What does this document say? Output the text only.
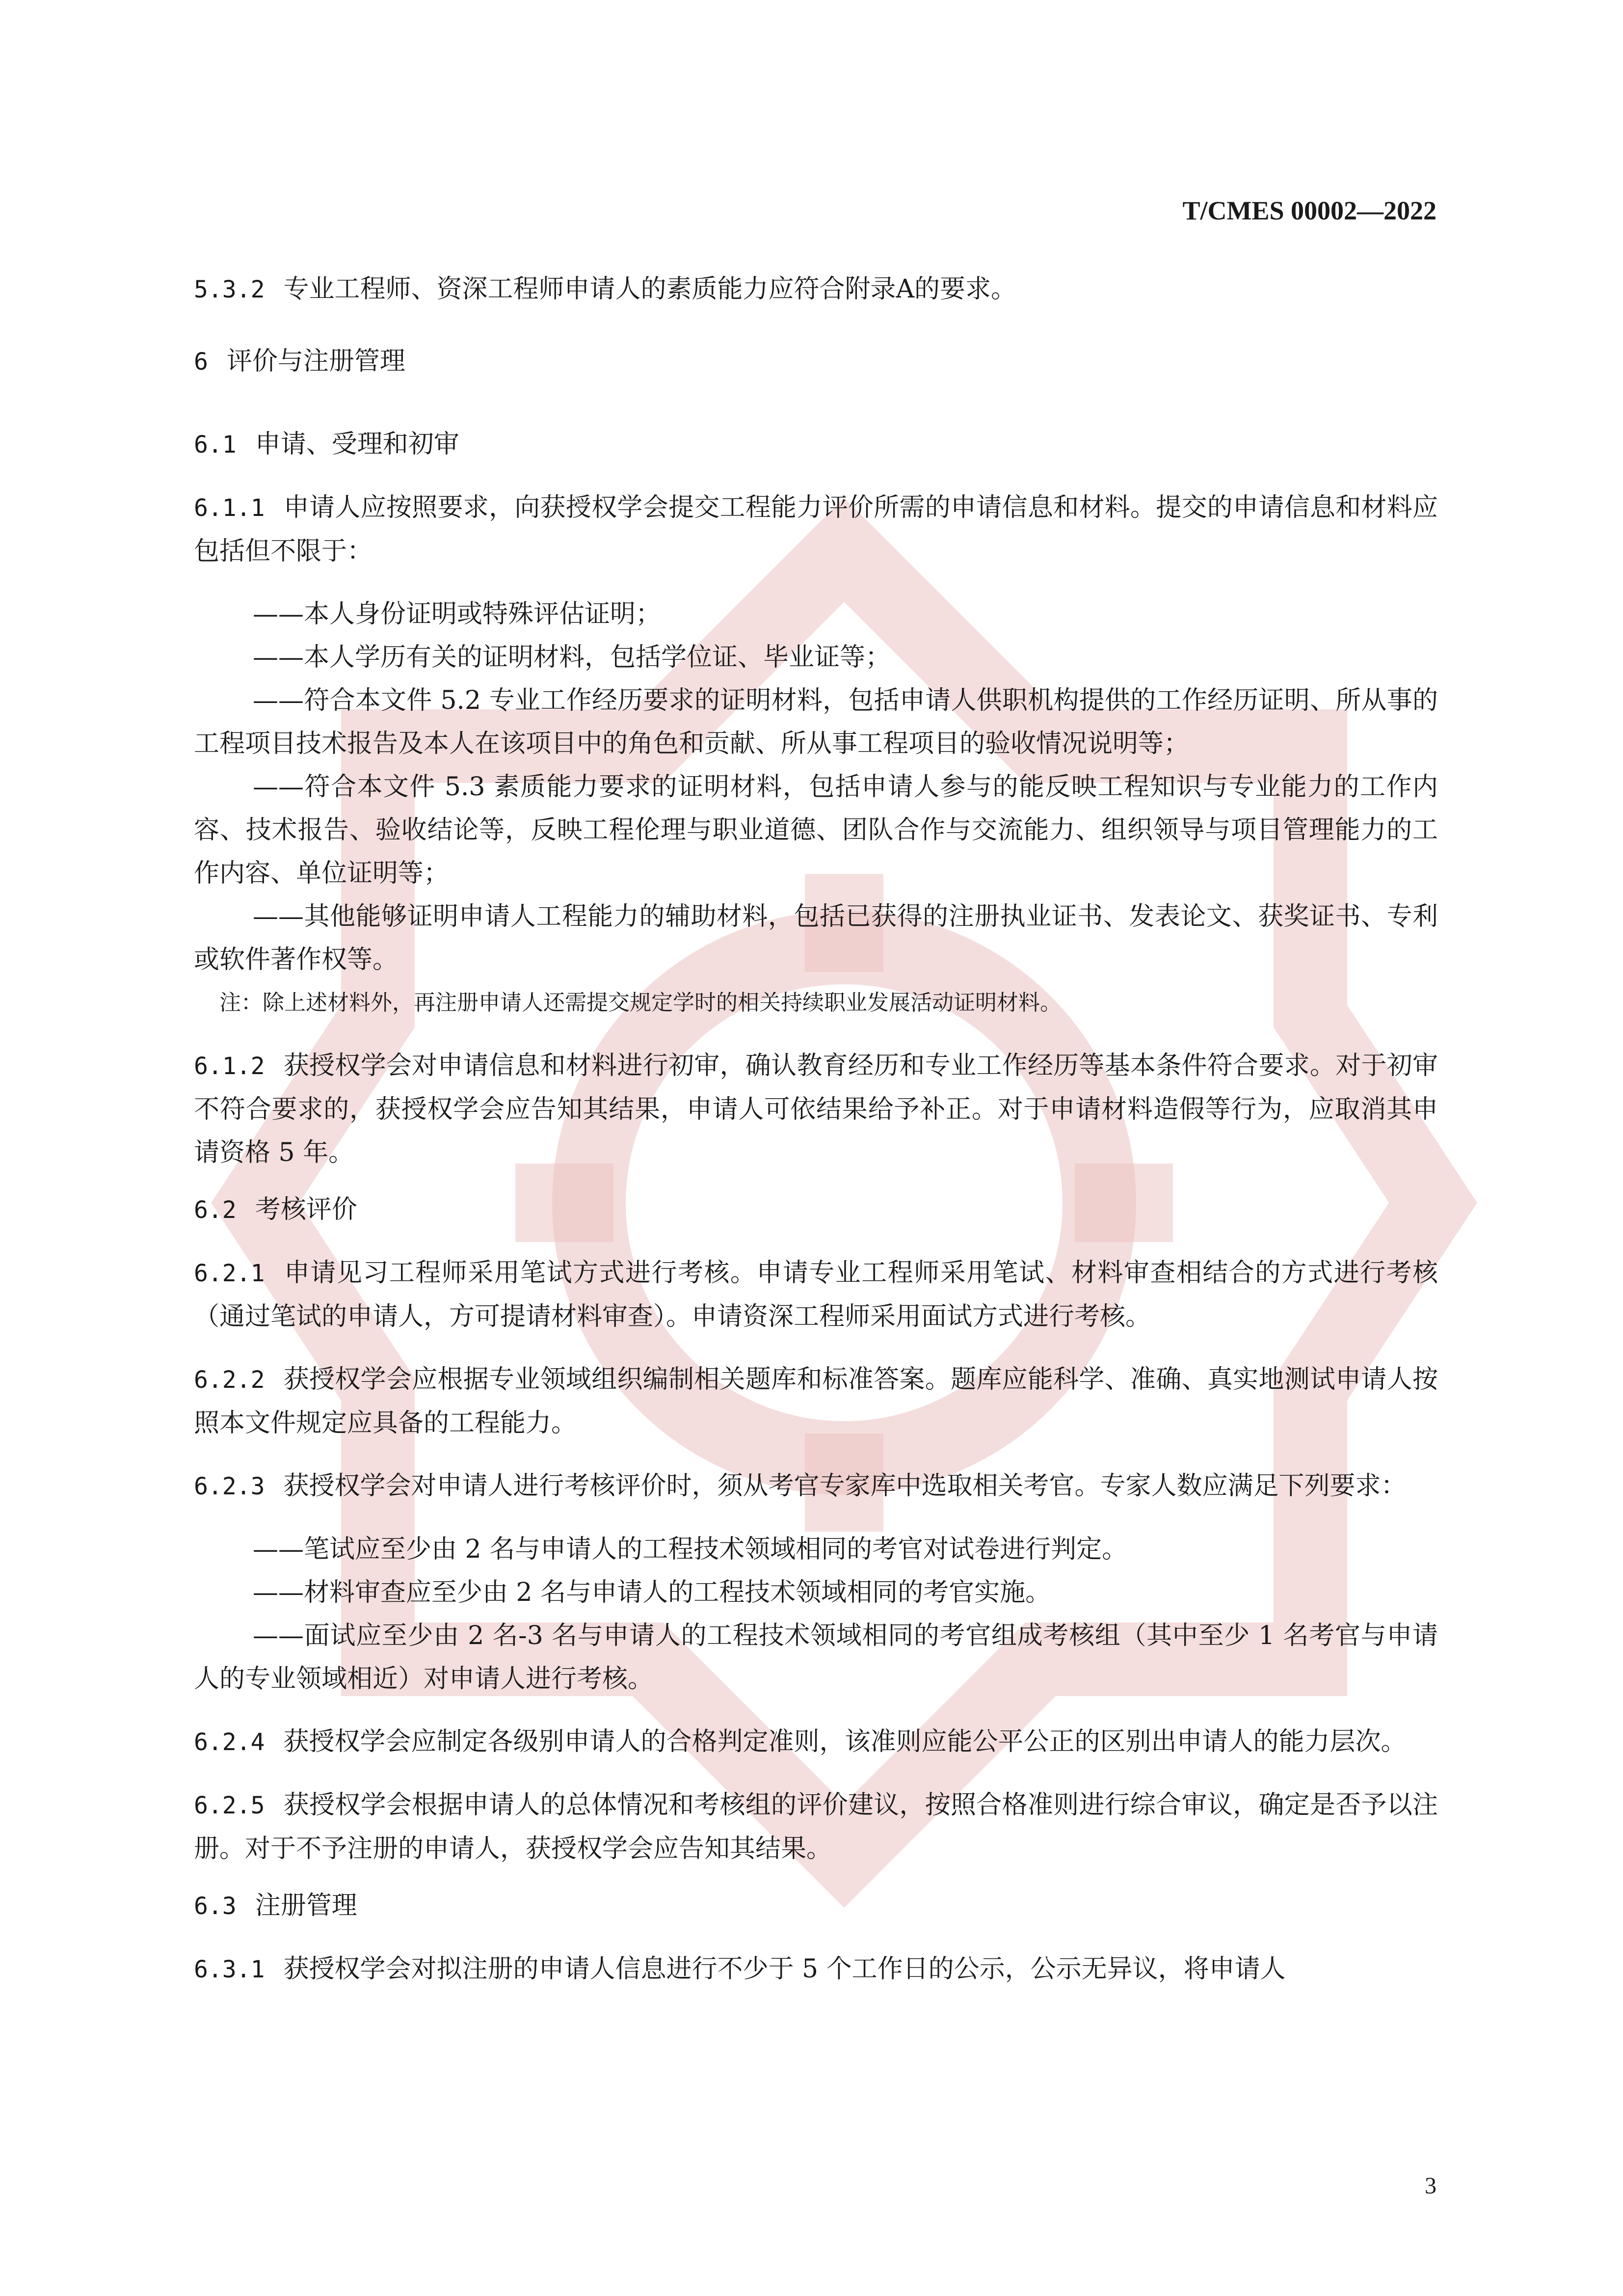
T/CMES 00002—2022

5.3.2 专业工程师、资深工程师申请人的素质能力应符合附录A的要求。

6 评价与注册管理

6.1 申请、受理和初审

6.1.1 申请人应按照要求，向获授权学会提交工程能力评价所需的申请信息和材料。提交的申请信息和材料应包括但不限于：

——本人身份证明或特殊评估证明；

——本人学历有关的证明材料，包括学位证、毕业证等；

——符合本文件 5.2 专业工作经历要求的证明材料，包括申请人供职机构提供的工作经历证明、所从事的工程项目技术报告及本人在该项目中的角色和贡献、所从事工程项目的验收情况说明等；

——符合本文件 5.3 素质能力要求的证明材料，包括申请人参与的能反映工程知识与专业能力的工作内容、技术报告、验收结论等，反映工程伦理与职业道德、团队合作与交流能力、组织领导与项目管理能力的工作内容、单位证明等；

——其他能够证明申请人工程能力的辅助材料，包括已获得的注册执业证书、发表论文、获奖证书、专利或软件著作权等。

注：除上述材料外，再注册申请人还需提交规定学时的相关持续职业发展活动证明材料。

6.1.2 获授权学会对申请信息和材料进行初审，确认教育经历和专业工作经历等基本条件符合要求。对于初审不符合要求的，获授权学会应告知其结果，申请人可依结果给予补正。对于申请材料造假等行为，应取消其申请资格 5 年。

6.2 考核评价

6.2.1 申请见习工程师采用笔试方式进行考核。申请专业工程师采用笔试、材料审查相结合的方式进行考核（通过笔试的申请人，方可提请材料审查）。申请资深工程师采用面试方式进行考核。

6.2.2 获授权学会应根据专业领域组织编制相关题库和标准答案。题库应能科学、准确、真实地测试申请人按照本文件规定应具备的工程能力。

6.2.3 获授权学会对申请人进行考核评价时，须从考官专家库中选取相关考官。专家人数应满足下列要求：

——笔试应至少由 2 名与申请人的工程技术领域相同的考官对试卷进行判定。

——材料审查应至少由 2 名与申请人的工程技术领域相同的考官实施。

——面试应至少由 2 名-3 名与申请人的工程技术领域相同的考官组成考核组（其中至少 1 名考官与申请人的专业领域相近）对申请人进行考核。

6.2.4 获授权学会应制定各级别申请人的合格判定准则，该准则应能公平公正的区别出申请人的能力层次。

6.2.5 获授权学会根据申请人的总体情况和考核组的评价建议，按照合格准则进行综合审议，确定是否予以注册。对于不予注册的申请人，获授权学会应告知其结果。

6.3 注册管理

6.3.1 获授权学会对拟注册的申请人信息进行不少于 5 个工作日的公示，公示无异议，将申请人

3
